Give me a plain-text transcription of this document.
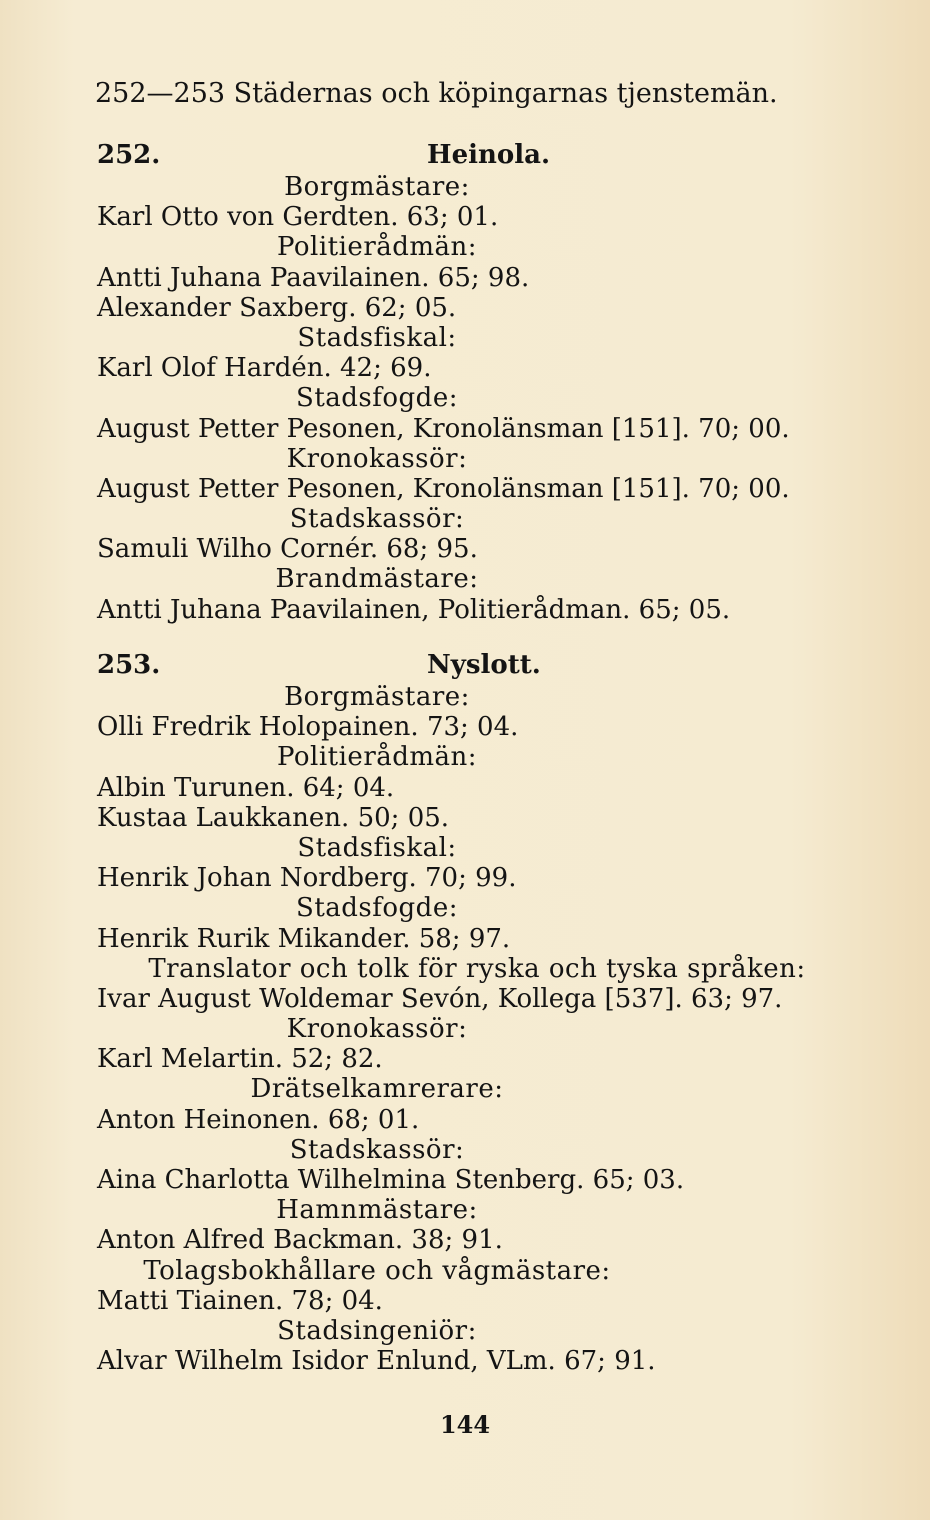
252—253 Städernas och köpingarnas tjenstemän.
252.	Heinola.
Borgmästare:
Karl Otto von Gerdten. 63; 01.
Politierådmän:
Antti Juhana Paavilainen. 65; 98.
Alexander Saxberg. 62; 05.
Stadsfiskal:
Karl Olof Hardén. 42; 69.
Stadsfogde:
August Petter Pesonen, Kronolänsman [151]. 70; 00.
Kronokassör:
August Petter Pesonen, Kronolänsman [151]. 70; 00.
Stadskassör:
Samuli Wilho Cornér. 68; 95.
Brandmästare:
Antti Juhana Paavilainen, Politierådman. 65; 05.
253.	Nyslott.
Borgmästare:
Olli Fredrik Holopainen. 73; 04.
Politierådmän:
Albin Turunen. 64; 04.
Kustaa Laukkanen. 50; 05.
Stadsfiskal:
Henrik Johan Nordberg. 70; 99.
Stadsfogde:
Henrik Rurik Mikander. 58; 97.
Translator och tolk för ryska och tyska språken:
Ivar August Woldemar Sevón, Kollega [537]. 63; 97.
Kronokassör:
Karl Melartin. 52; 82.
Drätselkamrerare:
Anton Heinonen. 68; 01.
Stadskassör:
Aina Charlotta Wilhelmina Stenberg. 65; 03.
Hamnmästare:
Anton Alfred Backman. 38; 91.
Tolagsbokhållare och vågmästare:
Matti Tiainen. 78; 04.
Stadsingeniör:
Alvar Wilhelm Isidor Enlund, VLm. 67; 91.
144
